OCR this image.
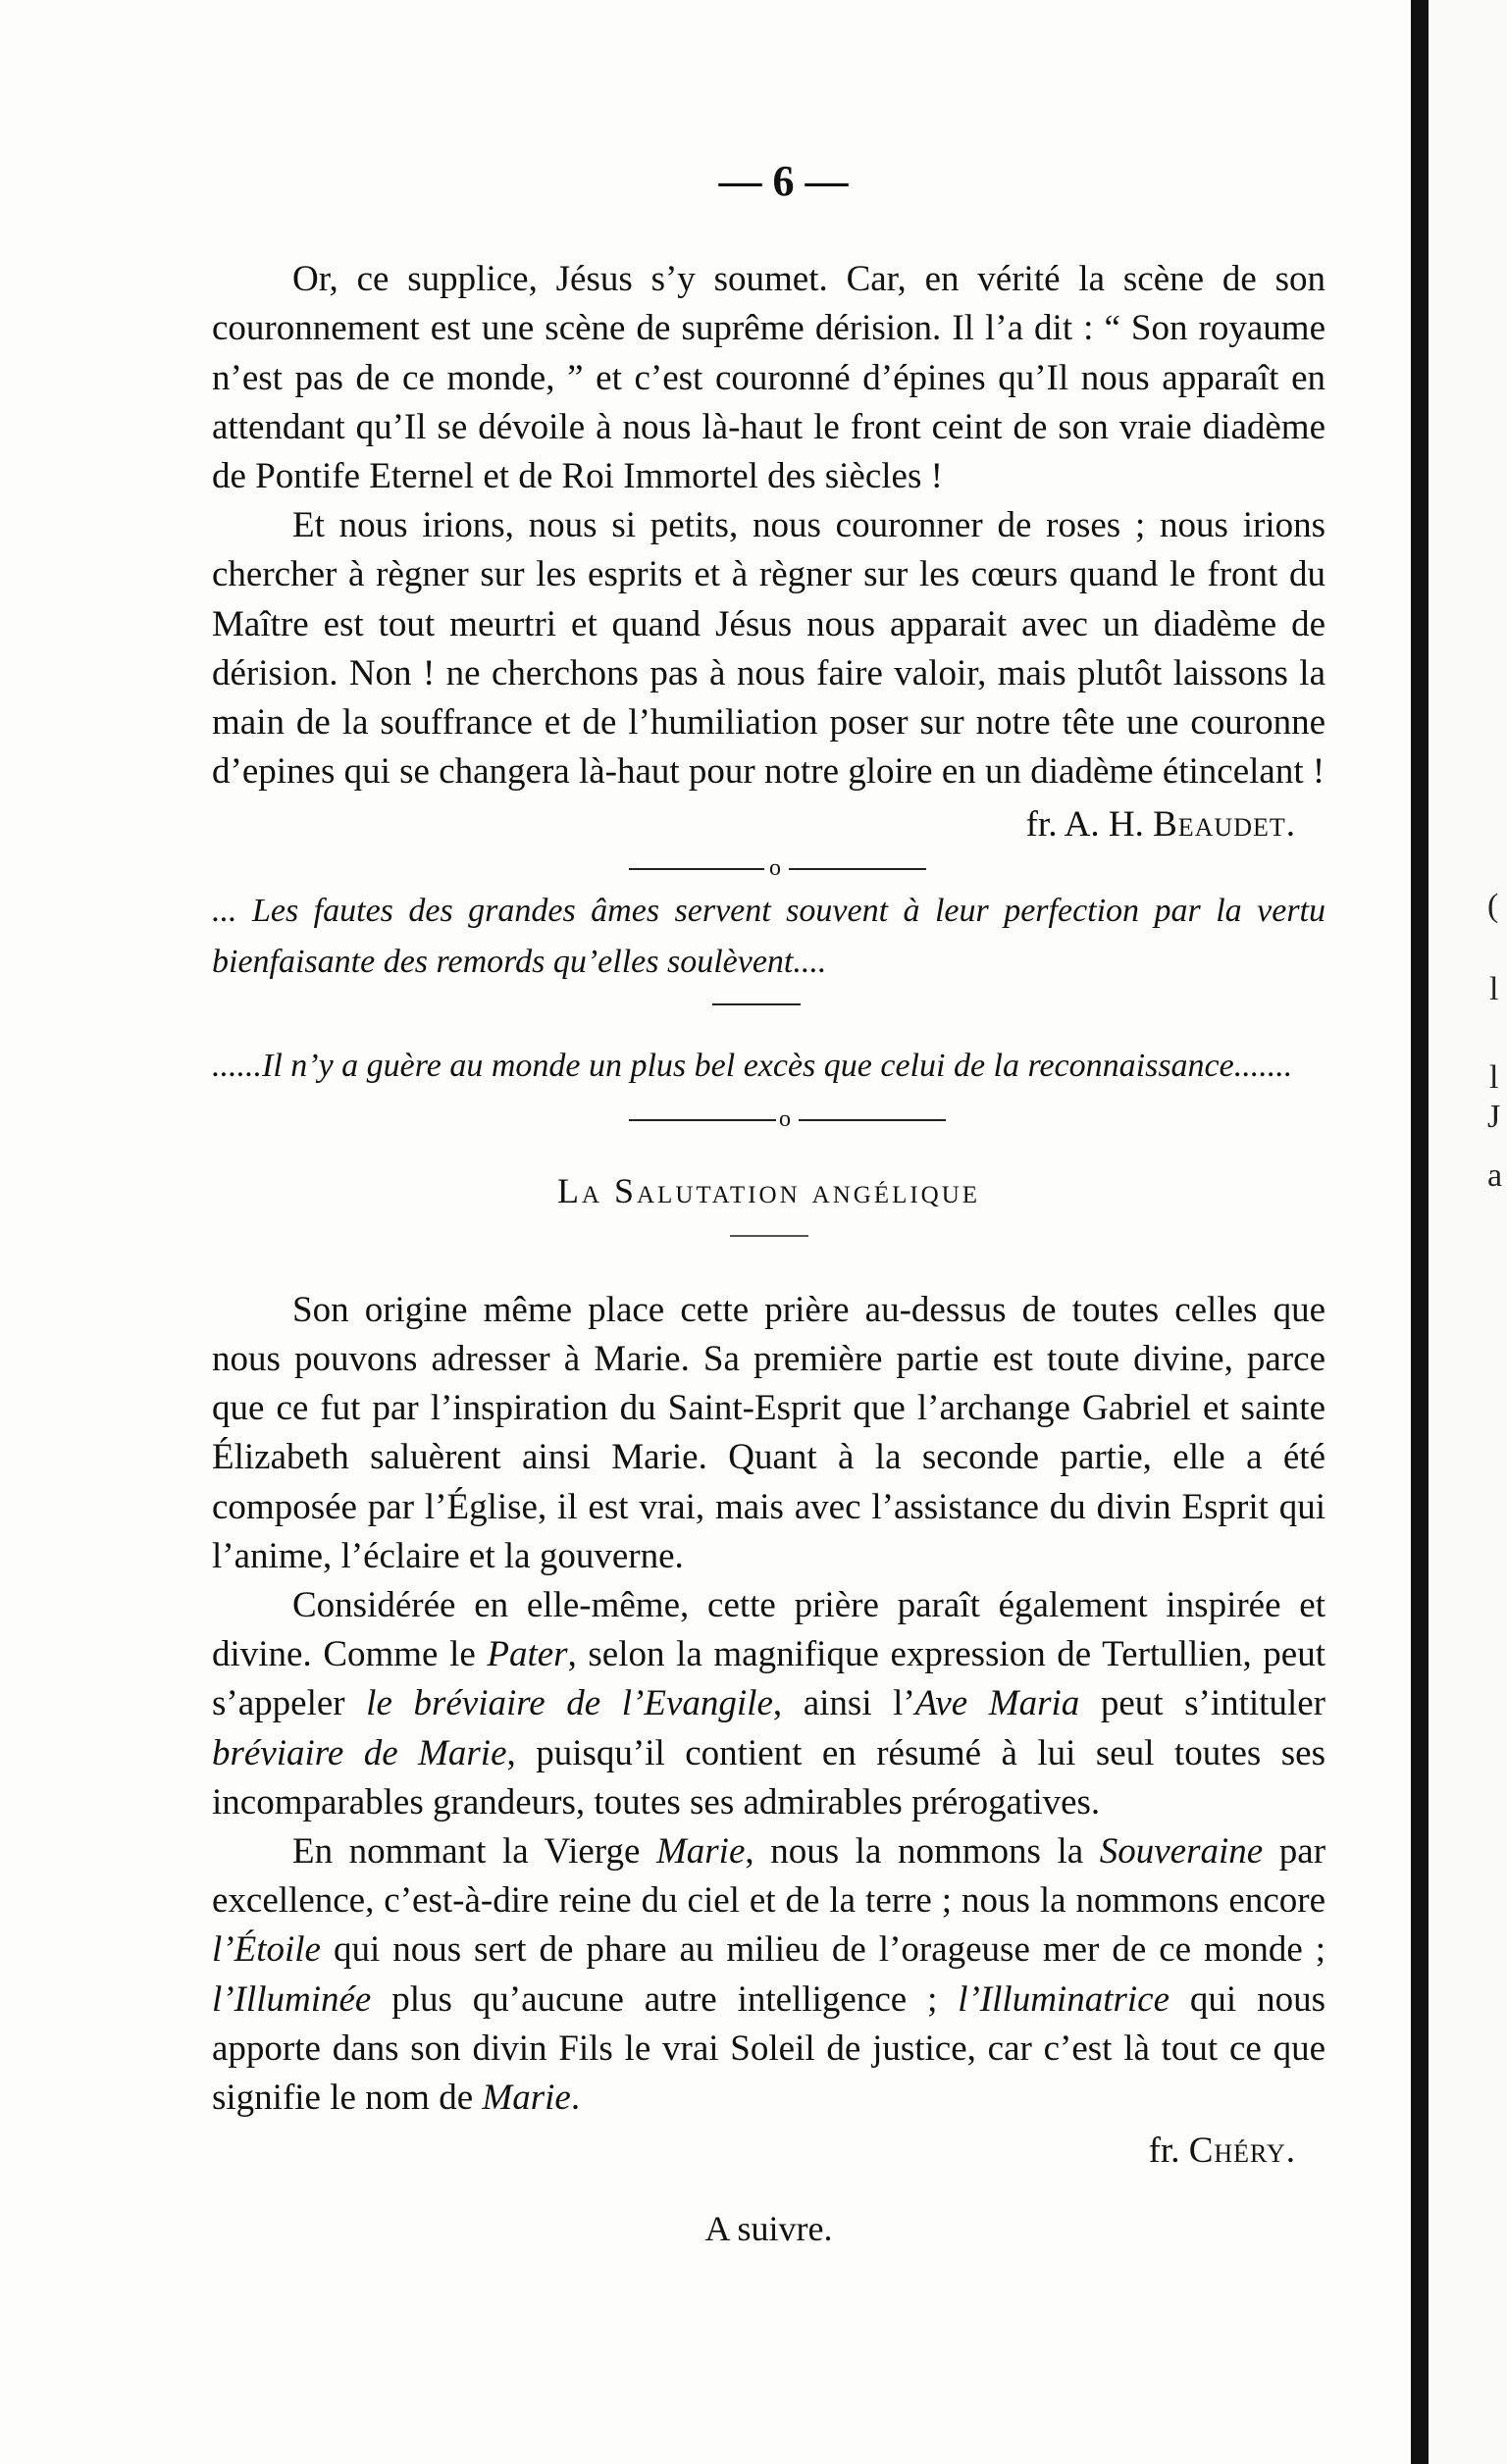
— 6 —

Or, ce supplice, Jésus s’y soumet. Car, en vérité la scène de son couronnement est une scène de suprême dérision. Il l’a dit : “ Son royaume n’est pas de ce monde, ” et c’est couronné d’épines qu’Il nous apparaît en attendant qu’Il se dévoile à nous là-haut le front ceint de son vraie diadème de Pontife Eternel et de Roi Immortel des siècles !

Et nous irions, nous si petits, nous couronner de roses ; nous irions chercher à règner sur les esprits et à règner sur les cœurs quand le front du Maître est tout meurtri et quand Jésus nous apparait avec un diadème de dérision. Non ! ne cherchons pas à nous faire valoir, mais plutôt laissons la main de la souffrance et de l’humiliation poser sur notre tête une couronne d’epines qui se changera là-haut pour notre gloire en un diadème étincelant !

fr. A. H. Beaudet.
o
... Les fautes des grandes âmes servent souvent à leur perfection par la vertu bienfaisante des remords qu’elles soulèvent....
......Il n’y a guère au monde un plus bel excès que celui de la reconnaissance.......
o
La Salutation angélique

Son origine même place cette prière au-dessus de toutes celles que nous pouvons adresser à Marie. Sa première partie est toute divine, parce que ce fut par l’inspiration du Saint-Esprit que l’archange Gabriel et sainte Élizabeth saluèrent ainsi Marie. Quant à la seconde partie, elle a été composée par l’Église, il est vrai, mais avec l’assistance du divin Esprit qui l’anime, l’éclaire et la gouverne.

Considérée en elle-même, cette prière paraît également inspirée et divine. Comme le Pater, selon la magnifique expression de Tertullien, peut s’appeler le bréviaire de l’Evangile, ainsi l’Ave Maria peut s’intituler bréviaire de Marie, puisqu’il contient en résumé à lui seul toutes ses incomparables grandeurs, toutes ses admirables prérogatives.

En nommant la Vierge Marie, nous la nommons la Souveraine par excellence, c’est-à-dire reine du ciel et de la terre ; nous la nommons encore l’Étoile qui nous sert de phare au milieu de l’orageuse mer de ce monde ; l’Illuminée plus qu’aucune autre intelligence ; l’Illuminatrice qui nous apporte dans son divin Fils le vrai Soleil de justice, car c’est là tout ce que signifie le nom de Marie.

fr. Chéry.
A suivre.
(
l
l
J
a
